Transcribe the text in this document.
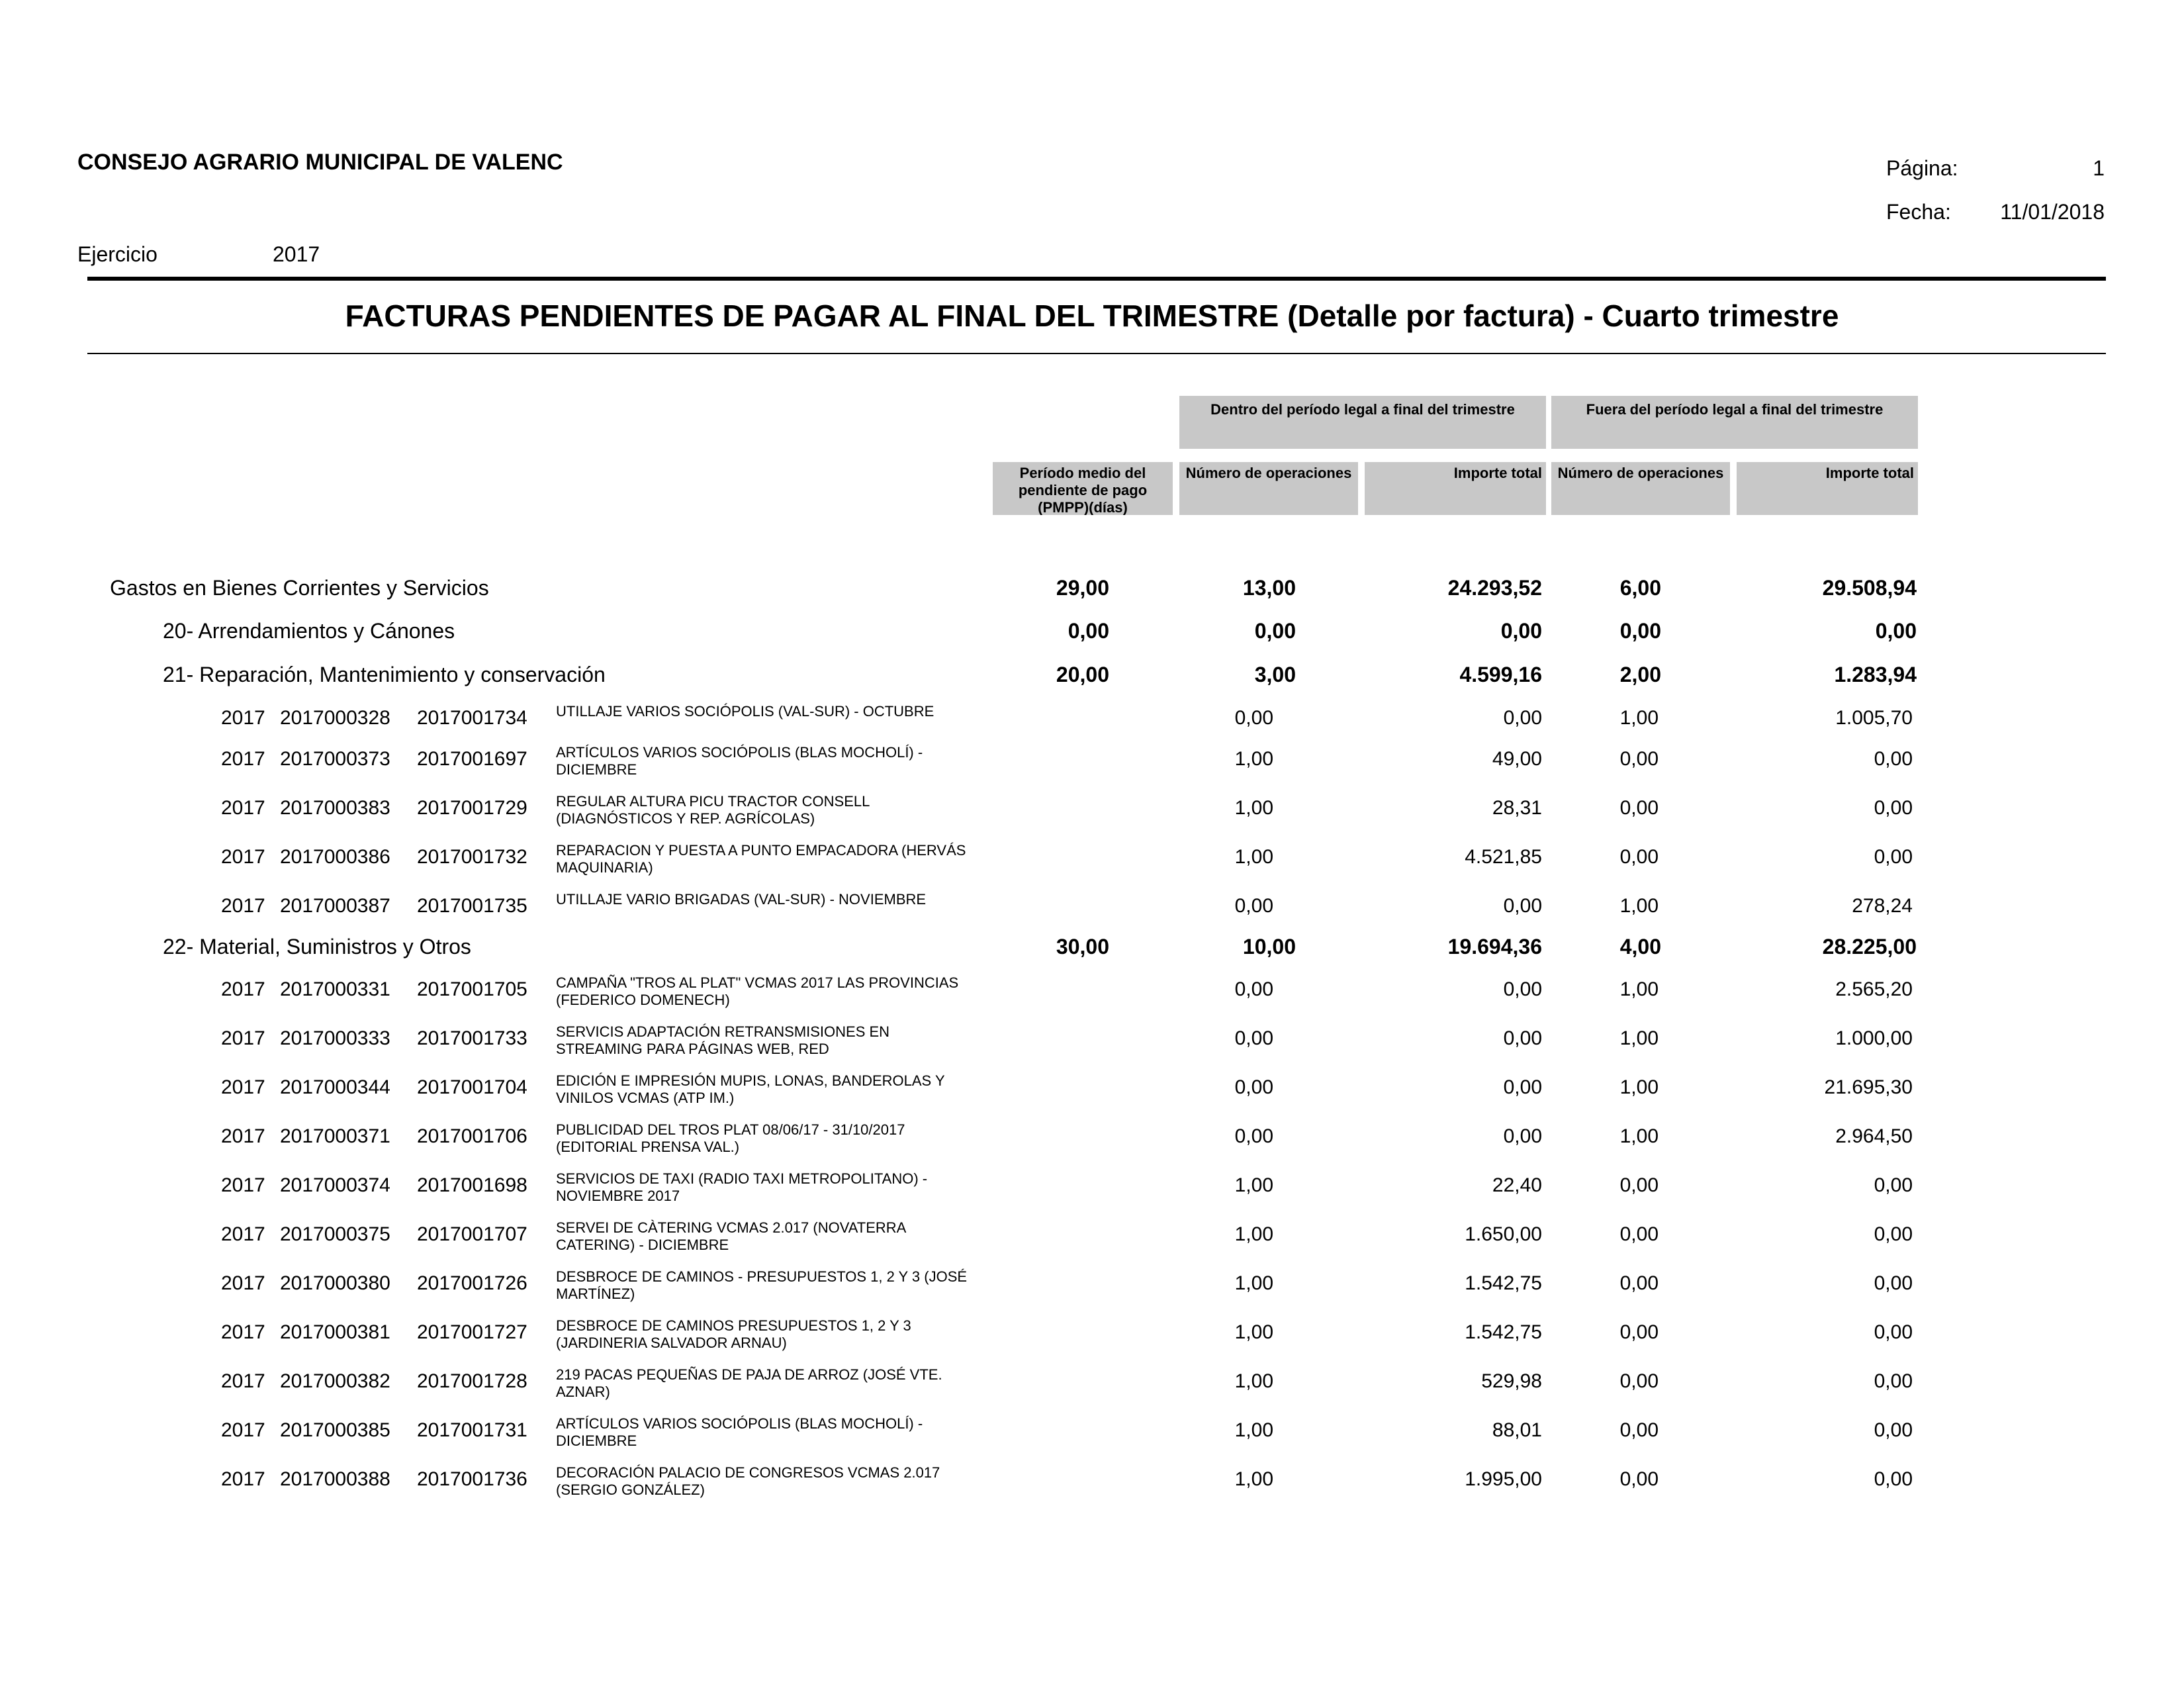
CONSEJO AGRARIO MUNICIPAL DE VALENC	Página:	1
Fecha:	11/01/2018
Ejercicio	2017
FACTURAS PENDIENTES DE PAGAR AL FINAL DEL TRIMESTRE (Detalle por factura) - Cuarto trimestre
Dentro del período legal a final del trimestre	Fuera del período legal a final del trimestre
Período medio del pendiente de pago (PMPP)(días)
Número de operaciones	Importe total	Número de operaciones	Importe total
Gastos en Bienes Corrientes y Servicios	29,00	13,00	24.293,52	6,00	29.508,94
20- Arrendamientos y Cánones	0,00	0,00	0,00	0,00	0,00
21- Reparación, Mantenimiento y conservación	20,00	3,00	4.599,16	2,00	1.283,94
2017 2017000328 2017001734 UTILLAJE VARIOS SOCIÓPOLIS (VAL-SUR) - OCTUBRE	0,00	0,00	1,00	1.005,70
2017 2017000373 2017001697 ARTÍCULOS VARIOS SOCIÓPOLIS (BLAS MOCHOLÍ) - DICIEMBRE	1,00	49,00	0,00	0,00
2017 2017000383 2017001729 REGULAR ALTURA PICU TRACTOR CONSELL (DIAGNÓSTICOS Y REP. AGRÍCOLAS)	1,00	28,31	0,00	0,00
2017 2017000386 2017001732 REPARACION Y PUESTA A PUNTO EMPACADORA (HERVÁS MAQUINARIA)	1,00	4.521,85	0,00	0,00
2017 2017000387 2017001735 UTILLAJE VARIO BRIGADAS (VAL-SUR) - NOVIEMBRE	0,00	0,00	1,00	278,24
22- Material, Suministros y Otros	30,00	10,00	19.694,36	4,00	28.225,00
2017 2017000331 2017001705 CAMPAÑA "TROS AL PLAT" VCMAS 2017 LAS PROVINCIAS (FEDERICO DOMENECH)	0,00	0,00	1,00	2.565,20
2017 2017000333 2017001733 SERVICIS ADAPTACIÓN RETRANSMISIONES EN STREAMING PARA PÁGINAS WEB, RED	0,00	0,00	1,00	1.000,00
2017 2017000344 2017001704 EDICIÓN E IMPRESIÓN MUPIS, LONAS, BANDEROLAS Y VINILOS VCMAS (ATP IM.)	0,00	0,00	1,00	21.695,30
2017 2017000371 2017001706 PUBLICIDAD DEL TROS PLAT 08/06/17 - 31/10/2017 (EDITORIAL PRENSA VAL.)	0,00	0,00	1,00	2.964,50
2017 2017000374 2017001698 SERVICIOS DE TAXI (RADIO TAXI METROPOLITANO) - NOVIEMBRE 2017	1,00	22,40	0,00	0,00
2017 2017000375 2017001707 SERVEI DE CÀTERING VCMAS 2.017 (NOVATERRA CATERING) - DICIEMBRE	1,00	1.650,00	0,00	0,00
2017 2017000380 2017001726 DESBROCE DE CAMINOS - PRESUPUESTOS 1, 2 Y 3 (JOSÉ MARTÍNEZ)	1,00	1.542,75	0,00	0,00
2017 2017000381 2017001727 DESBROCE DE CAMINOS PRESUPUESTOS 1, 2 Y 3 (JARDINERIA SALVADOR ARNAU)	1,00	1.542,75	0,00	0,00
2017 2017000382 2017001728 219 PACAS PEQUEÑAS DE PAJA DE ARROZ (JOSÉ VTE. AZNAR)	1,00	529,98	0,00	0,00
2017 2017000385 2017001731 ARTÍCULOS VARIOS SOCIÓPOLIS (BLAS MOCHOLÍ) - DICIEMBRE	1,00	88,01	0,00	0,00
2017 2017000388 2017001736 DECORACIÓN PALACIO DE CONGRESOS VCMAS 2.017 (SERGIO GONZÁLEZ)	1,00	1.995,00	0,00	0,00
